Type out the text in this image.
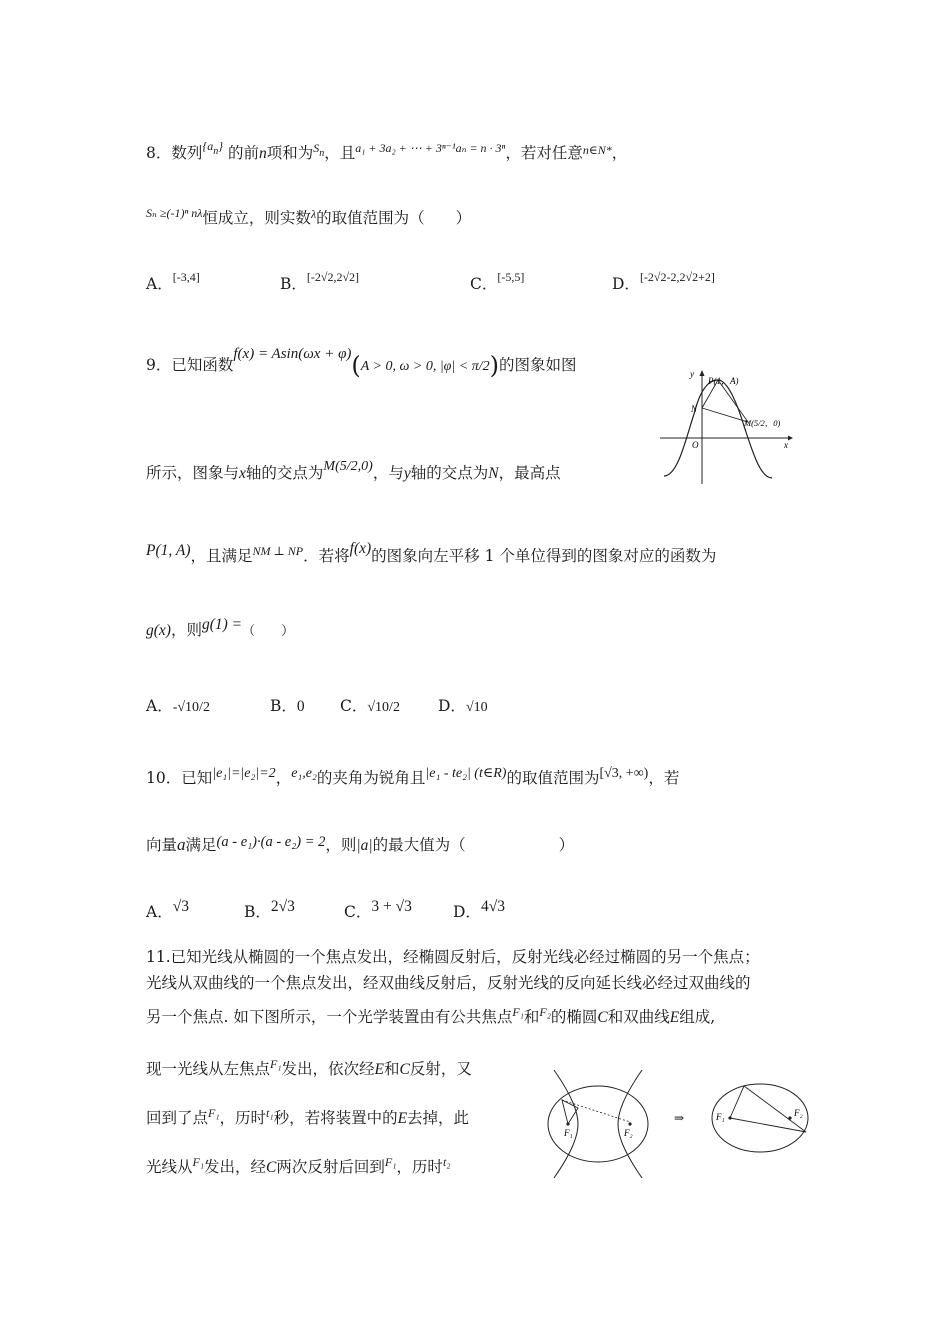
8．数列$^{\{a_n\}}$ 的前n项和为$^{S_n}$，且$^{a_1 + 3a_2 + \cdots + 3^{n-1}a_n = n \cdot 3^n}$，若对任意$^{n\in N*}$，
$^{S_n \ge(-1)^n n\lambda}$恒成立，则实数$^\lambda$的取值范围为（　　）
A．[-3,4]	B．[-2√2,2√2]	C．[-5,5]	D．[-2√2-2,2√2+2]
9．已知函数f(x) = Asin(ωx + φ)(A > 0, ω > 0, |φ| < π/2)的图象如图
所示，图象与x轴的交点为M(5/2,0)，与y轴的交点为N，最高点
P(1, A)，且满足$^{NM \perp NP}$．若将f(x)的图象向左平移 1 个单位得到的图象对应的函数为
g(x)，则g(1) =（　　）
A．-√10/2	B．0 C．√10/2 D．√10
y
x
O
N
P(1，A)
M(5/2，0)
10．已知|e₁|=|e₂|=2，e₁,e₂的夹角为锐角且|e₁ - te₂| (t∈R)的取值范围为[√3, +∞)，若
向量a满足(a - e₁)·(a - e₂) = 2，则|a|的最大值为（　　　　　　）
A．√3	B．2√3	C．3 + √3	D．4√3
11.已知光线从椭圆的一个焦点发出，经椭圆反射后，反射光线必经过椭圆的另一个焦点；
光线从双曲线的一个焦点发出，经双曲线反射后，反射光线的反向延长线必经过双曲线的
另一个焦点. 如下图所示，一个光学装置由有公共焦点$^{F_1}$和$^{F_2}$的椭圆C和双曲线E组成,
现一光线从左焦点$^{F_1}$发出，依次经E和C反射，又
回到了点$^{F_1}$，历时$^{t_1}$秒，若将装置中的E去掉，此
光线从$^{F_1}$发出，经C两次反射后回到$^{F_1}$，历时$^{t_2}$
F₁	F₂
⇒	F₁	F₂
